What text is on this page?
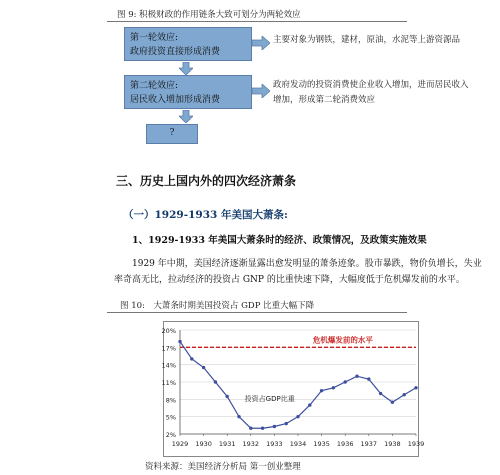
图 9: 积极财政的作用链条大致可划分为两轮效应
第一轮效应:
政府投资直接形成消费
主要对象为钢铁，建材，原油，水泥等上游资源品
第二轮效应:
居民收入增加形成消费
政府发动的投资消费使企业收入增加，进而居民收入增加，形成第二轮消费效应
?
三、历史上国内外的四次经济萧条
（一）1929-1933 年美国大萧条:
1、1929-1933 年美国大萧条时的经济、政策情况，及政策实施效果
1929 年中期，美国经济逐渐显露出愈发明显的萧条迹象。股市暴跌，物价负增长，失业率奇高无比，拉动经济的投资占 GNP 的比重快速下降，大幅度低于危机爆发前的水平。
图 10:　大萧条时期美国投资占 GDP 比重大幅下降
20%
17%
14%
11%
8%
5%
2%
1929 1930 1931 1932 1933 1934 1935 1936 1937 1938 1939
危机爆发前的水平
投资占GDP比重
资料来源：美国经济分析局 第一创业整理
